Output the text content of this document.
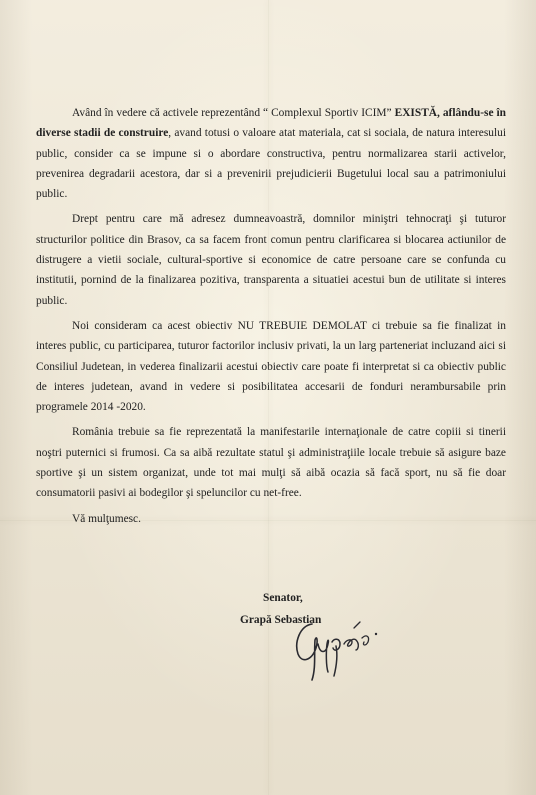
Având în vedere că activele reprezentând “ Complexul Sportiv ICIM” EXISTĂ, aflându-se în diverse stadii de construire, avand totusi o valoare atat materiala, cat si sociala, de natura interesului public, consider ca se impune si o abordare constructiva, pentru normalizarea starii activelor, prevenirea degradarii acestora, dar si a prevenirii prejudicierii Bugetului local sau a patrimoniului public.

Drept pentru care mă adresez dumneavoastră, domnilor miniştri tehnocraţi şi tuturor structurilor politice din Brasov, ca sa facem front comun pentru clarificarea si blocarea actiunilor de distrugere a vietii sociale, cultural-sportive si economice de catre persoane care se confunda cu institutii, pornind de la finalizarea pozitiva, transparenta a situatiei acestui bun de utilitate si interes public.

Noi consideram ca acest obiectiv NU TREBUIE DEMOLAT ci trebuie sa fie finalizat in interes public, cu participarea, tuturor factorilor inclusiv privati, la un larg parteneriat incluzand aici si Consiliul Judetean, in vederea finalizarii acestui obiectiv care poate fi interpretat si ca obiectiv public de interes judetean, avand in vedere si posibilitatea accesarii de fonduri nerambursabile prin programele 2014 -2020.

România trebuie sa fie reprezentată la manifestarile internaţionale de catre copiii si tinerii noştri puternici si frumosi. Ca sa aibă rezultate statul şi administraţiile locale trebuie să asigure baze sportive şi un sistem organizat, unde tot mai mulţi să aibă ocazia să facă sport, nu să fie doar consumatorii pasivi ai bodegilor şi speluncilor cu net-free.

Vă mulţumesc.

Senator,
Grapă Sebastian
